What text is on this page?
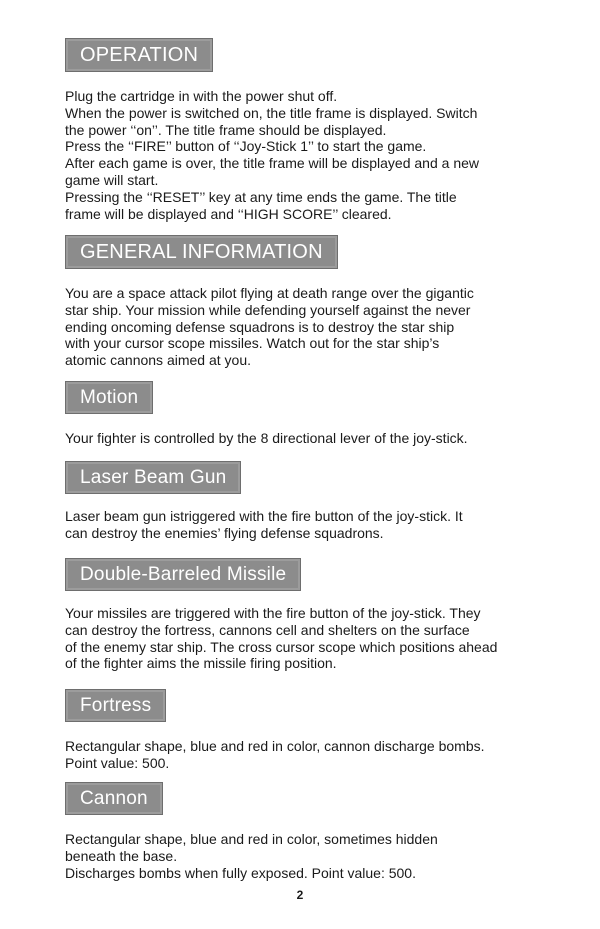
OPERATION

Plug the cartridge in with the power shut off.
When the power is switched on, the title frame is displayed. Switch
the power ‘‘on’’. The title frame should be displayed.
Press the ‘‘FIRE’’ button of ‘‘Joy-Stick 1’’ to start the game.
After each game is over, the title frame will be displayed and a new
game will start.
Pressing the ‘‘RESET’’ key at any time ends the game. The title
frame will be displayed and ‘‘HIGH SCORE’’ cleared.

GENERAL INFORMATION

You are a space attack pilot flying at death range over the gigantic
star ship. Your mission while defending yourself against the never
ending oncoming defense squadrons is to destroy the star ship
with your cursor scope missiles. Watch out for the star ship’s
atomic cannons aimed at you.

Motion

Your fighter is controlled by the 8 directional lever of the joy-stick.

Laser Beam Gun

Laser beam gun istriggered with the fire button of the joy-stick. It
can destroy the enemies’ flying defense squadrons.

Double-Barreled Missile

Your missiles are triggered with the fire button of the joy-stick. They
can destroy the fortress, cannons cell and shelters on the surface
of the enemy star ship. The cross cursor scope which positions ahead
of the fighter aims the missile firing position.

Fortress

Rectangular shape, blue and red in color, cannon discharge bombs.
Point value: 500.

Cannon

Rectangular shape, blue and red in color, sometimes hidden
beneath the base.
Discharges bombs when fully exposed. Point value: 500.

2
